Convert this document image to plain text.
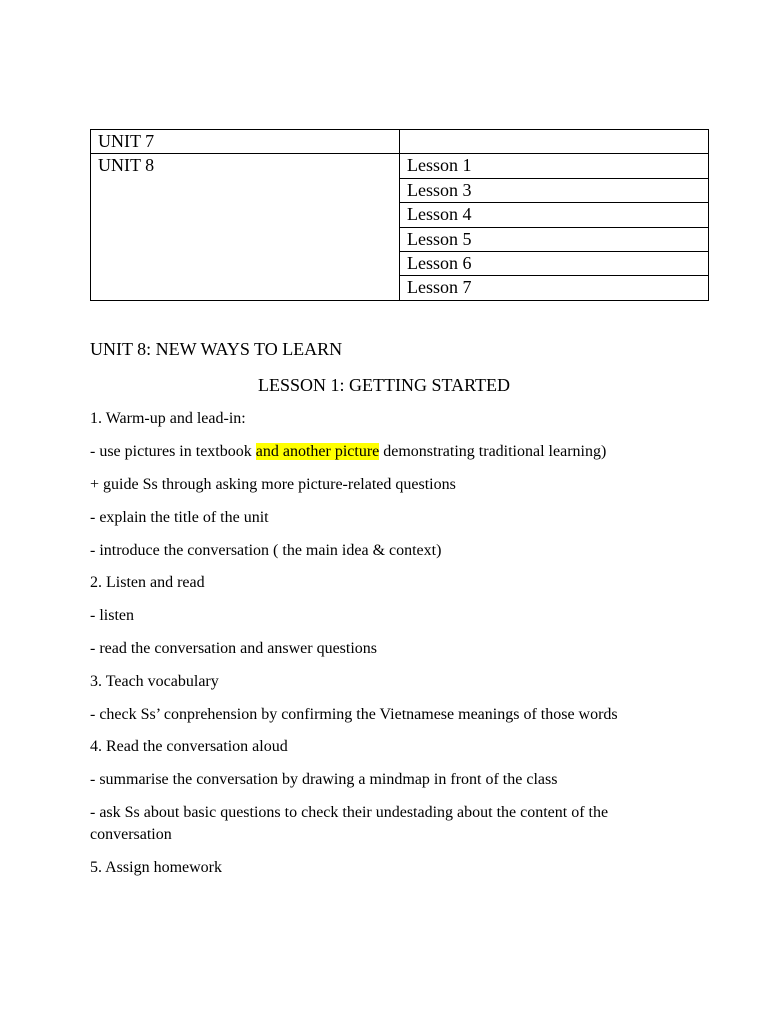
UNIT 7	
UNIT 8	Lesson 1
	Lesson 3
	Lesson 4
	Lesson 5
	Lesson 6
	Lesson 7

UNIT 8: NEW WAYS TO LEARN

LESSON 1: GETTING STARTED

1. Warm-up and lead-in:

- use pictures in textbook and another picture demonstrating traditional learning)

+ guide Ss through asking more picture-related questions

- explain the title of the unit

- introduce the conversation ( the main idea & context)

2. Listen and read

- listen

- read the conversation and answer questions

3. Teach vocabulary

- check Ss’ conprehension by confirming the Vietnamese meanings of those words

4. Read the conversation aloud

- summarise the conversation by drawing a mindmap in front of the class

- ask Ss about basic questions to check their undestading about the content of the conversation

5. Assign homework
